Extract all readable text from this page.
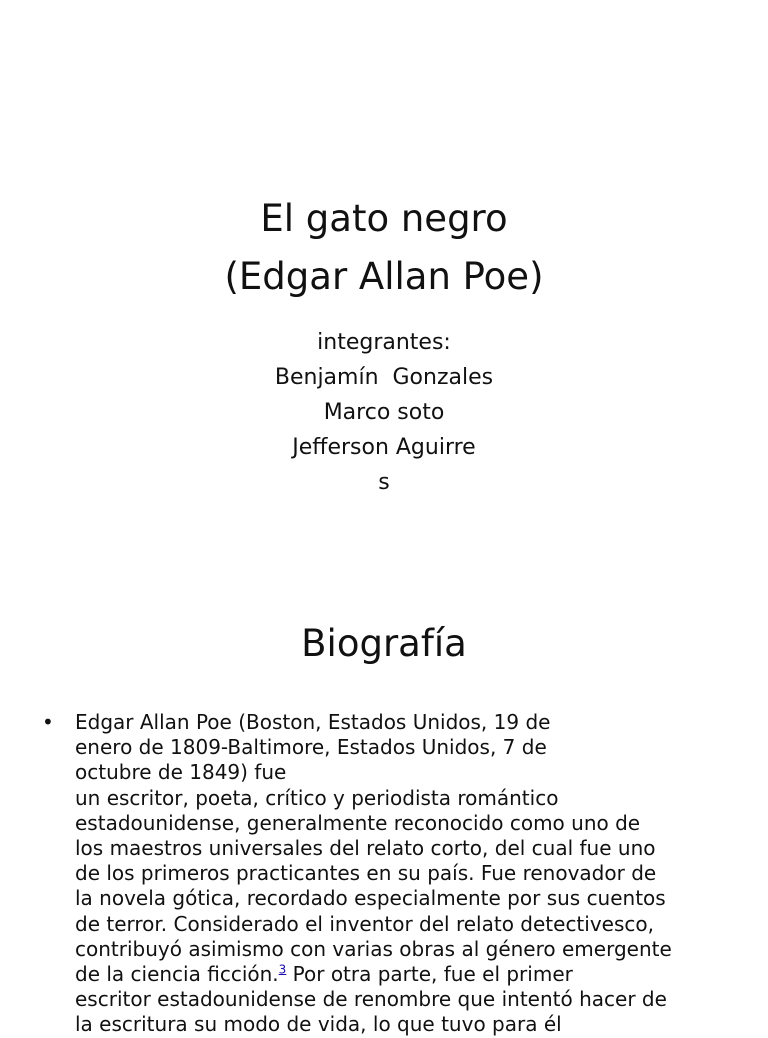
El gato negro
(Edgar Allan Poe)
integrantes:
Benjamín  Gonzales
Marco soto
Jefferson Aguirre
s
Biografía
• Edgar Allan Poe (Boston, Estados Unidos, 19 de
enero de 1809-Baltimore, Estados Unidos, 7 de
octubre de 1849) fue
un escritor, poeta, crítico y periodista romántico
estadounidense, generalmente reconocido como uno de
los maestros universales del relato corto, del cual fue uno
de los primeros practicantes en su país. Fue renovador de
la novela gótica, recordado especialmente por sus cuentos
de terror. Considerado el inventor del relato detectivesco,
contribuyó asimismo con varias obras al género emergente
de la ciencia ficción.$^3$ Por otra parte, fue el primer
escritor estadounidense de renombre que intentó hacer de
la escritura su modo de vida, lo que tuvo para él
